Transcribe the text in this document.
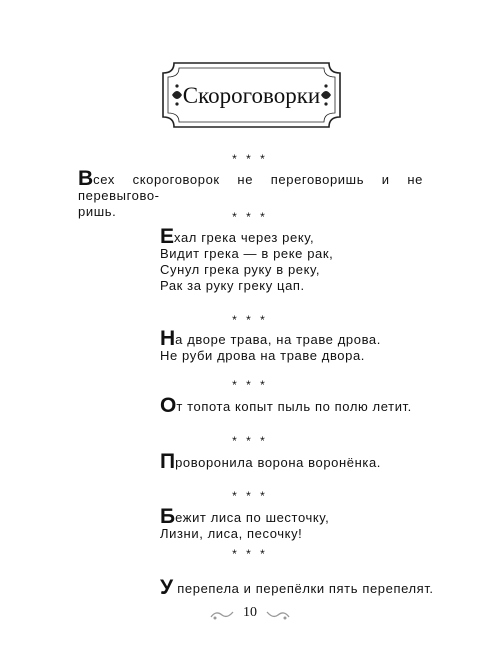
Скороговорки
* * *
* * *
* * *
* * *
* * *
* * *
* * *
Всех скороговорок не переговоришь и не перевыгово-
ришь.
Ехал грека через реку,
Видит грека — в реке рак,
Сунул грека руку в реку,
Рак за руку греку цап.
На дворе трава, на траве дрова.
Не руби дрова на траве двора.
От топота копыт пыль по полю летит.
Проворонила ворона воронёнка.
Бежит лиса по шесточку,
Лизни, лиса, песочку!
У перепела и перепёлки пять перепелят.
10
